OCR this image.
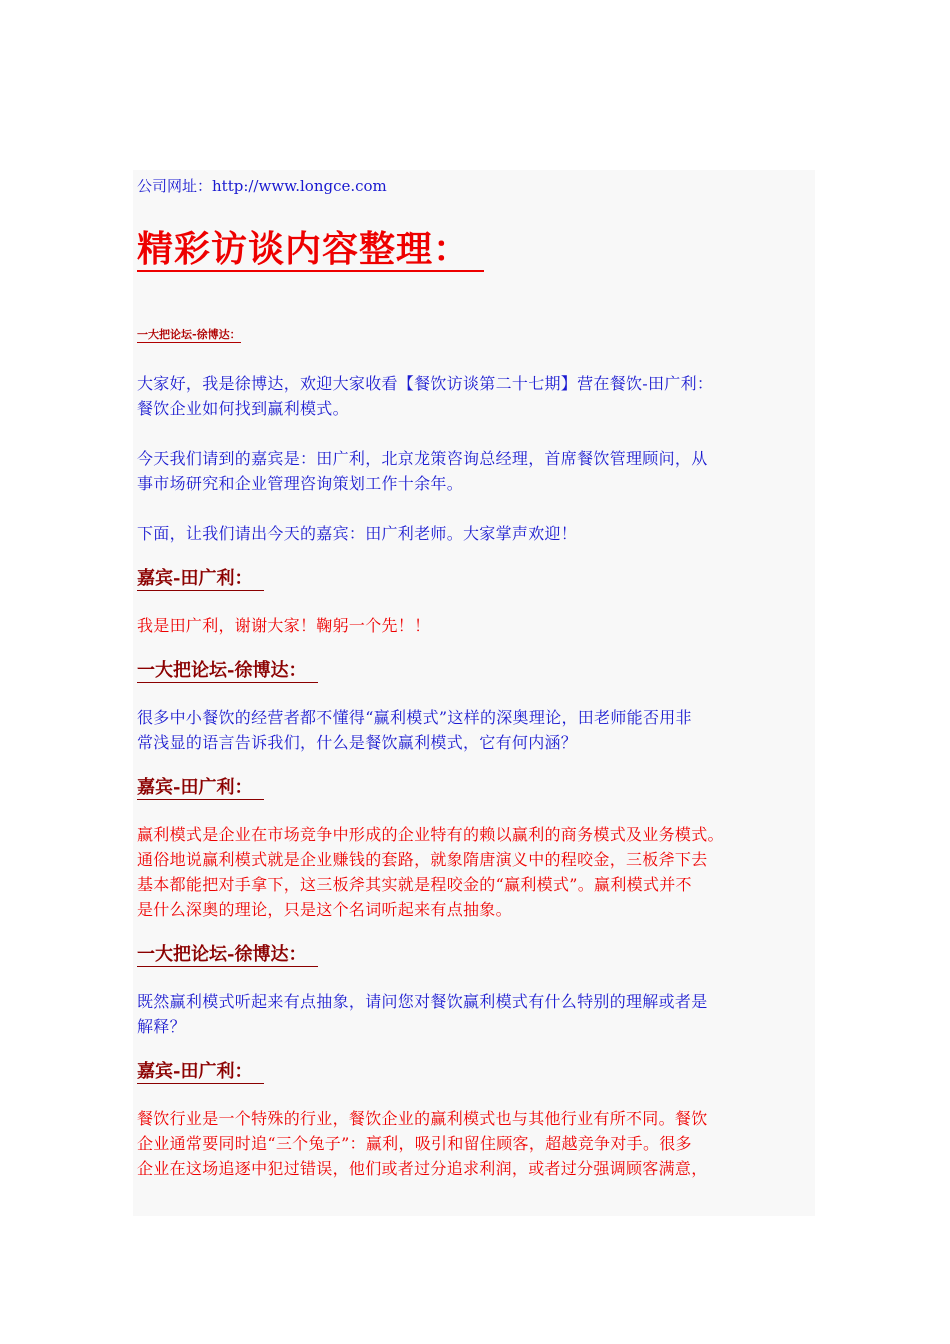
公司网址：http://www.longce.com
精彩访谈内容整理：
一大把论坛-徐博达：

大家好，我是徐博达，欢迎大家收看【餐饮访谈第二十七期】营在餐饮-田广利：

餐饮企业如何找到赢利模式。

今天我们请到的嘉宾是：田广利，北京龙策咨询总经理，首席餐饮管理顾问，从

事市场研究和企业管理咨询策划工作十余年。

下面，让我们请出今天的嘉宾：田广利老师。大家掌声欢迎！

嘉宾-田广利：

我是田广利，谢谢大家！鞠躬一个先！！

一大把论坛-徐博达：

很多中小餐饮的经营者都不懂得“赢利模式”这样的深奥理论，田老师能否用非

常浅显的语言告诉我们，什么是餐饮赢利模式，它有何内涵？

嘉宾-田广利：

赢利模式是企业在市场竞争中形成的企业特有的赖以赢利的商务模式及业务模式。

通俗地说赢利模式就是企业赚钱的套路，就象隋唐演义中的程咬金，三板斧下去

基本都能把对手拿下，这三板斧其实就是程咬金的“赢利模式”。赢利模式并不

是什么深奥的理论，只是这个名词听起来有点抽象。

一大把论坛-徐博达：

既然赢利模式听起来有点抽象，请问您对餐饮赢利模式有什么特别的理解或者是

解释？

嘉宾-田广利：

餐饮行业是一个特殊的行业，餐饮企业的赢利模式也与其他行业有所不同。餐饮

企业通常要同时追“三个兔子”：赢利，吸引和留住顾客，超越竞争对手。很多

企业在这场追逐中犯过错误，他们或者过分追求利润，或者过分强调顾客满意，
